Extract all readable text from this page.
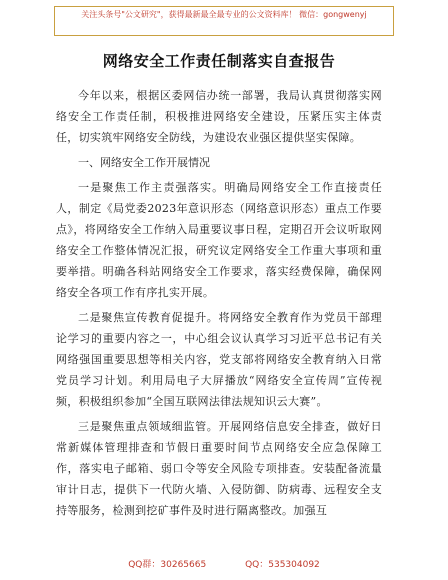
关注头条号"公文研究"，获得最新最全最专业的公文资料库！ 微信：gongwenyj
网络安全工作责任制落实自查报告

今年以来，根据区委网信办统一部署，我局认真贯彻落实网络安全工作责任制，积极推进网络安全建设，压紧压实主体责任，切实筑牢网络安全防线，为建设农业强区提供坚实保障。

一、网络安全工作开展情况

一是聚焦工作主责强落实。明确局网络安全工作直接责任人，制定《局党委2023年意识形态（网络意识形态）重点工作要点》，将网络安全工作纳入局重要议事日程，定期召开会议听取网络安全工作整体情况汇报，研究议定网络安全工作重大事项和重要举措。明确各科站网络安全工作要求，落实经费保障，确保网络安全各项工作有序扎实开展。

二是聚焦宣传教育促提升。将网络安全教育作为党员干部理论学习的重要内容之一，中心组会议认真学习习近平总书记有关网络强国重要思想等相关内容，党支部将网络安全教育纳入日常党员学习计划。利用局电子大屏播放“网络安全宣传周”宣传视频，积极组织参加“全国互联网法律法规知识云大赛”。

三是聚焦重点领域细监管。开展网络信息安全排查，做好日常新媒体管理排查和节假日重要时间节点网络安全应急保障工作，落实电子邮箱、弱口令等安全风险专项排查。安装配备流量审计日志，提供下一代防火墙、入侵防御、防病毒、远程安全支持等服务，检测到挖矿事件及时进行隔离整改。加强互

QQ群：30265665	QQ：535304092
